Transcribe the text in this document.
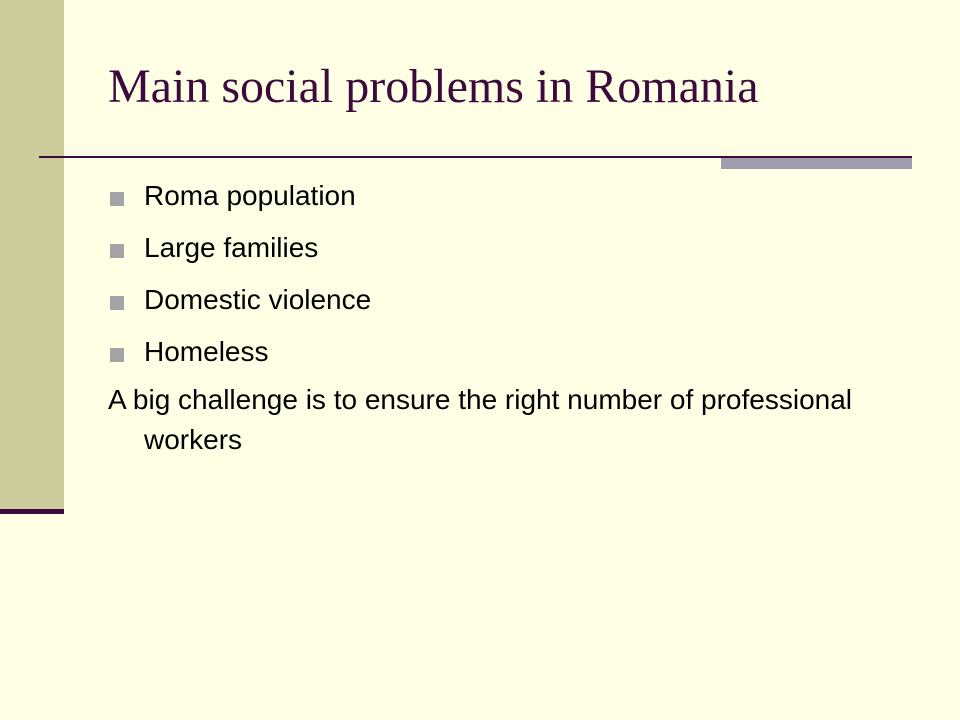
Main social problems in Romania
Roma population
Large families
Domestic violence
Homeless
A big challenge is to ensure the right number of professional workers
